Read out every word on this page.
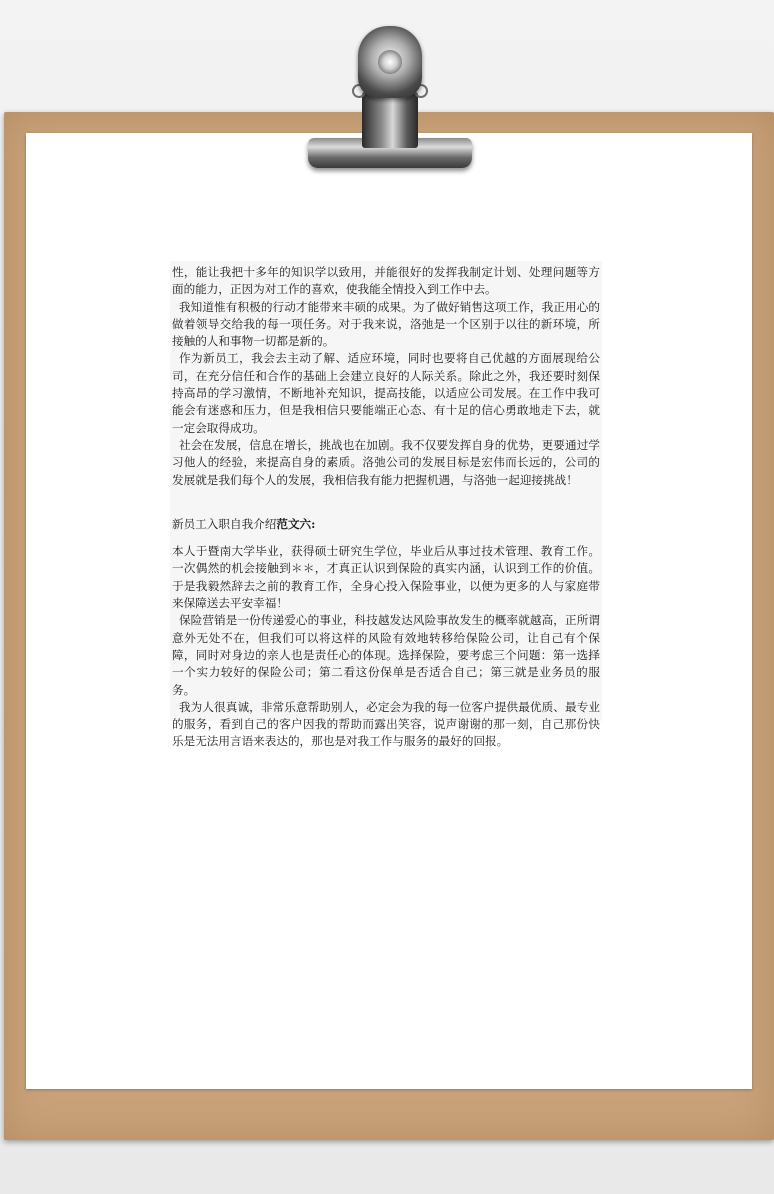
性，能让我把十多年的知识学以致用，并能很好的发挥我制定计划、处理问题等方面的能力，正因为对工作的喜欢，使我能全情投入到工作中去。

我知道惟有积极的行动才能带来丰硕的成果。为了做好销售这项工作，我正用心的做着领导交给我的每一项任务。对于我来说，洛弛是一个区别于以往的新环境，所接触的人和事物一切都是新的。

作为新员工，我会去主动了解、适应环境，同时也要将自己优越的方面展现给公司，在充分信任和合作的基础上会建立良好的人际关系。除此之外，我还要时刻保持高昂的学习激情，不断地补充知识，提高技能，以适应公司发展。在工作中我可能会有迷惑和压力，但是我相信只要能端正心态、有十足的信心勇敢地走下去，就一定会取得成功。

社会在发展，信息在增长，挑战也在加剧。我不仅要发挥自身的优势，更要通过学习他人的经验，来提高自身的素质。洛弛公司的发展目标是宏伟而长远的，公司的发展就是我们每个人的发展，我相信我有能力把握机遇，与洛弛一起迎接挑战！

新员工入职自我介绍范文六:

本人于暨南大学毕业，获得硕士研究生学位，毕业后从事过技术管理、教育工作。一次偶然的机会接触到＊＊，才真正认识到保险的真实内涵，认识到工作的价值。于是我毅然辞去之前的教育工作，全身心投入保险事业，以便为更多的人与家庭带来保障送去平安幸福！

保险营销是一份传递爱心的事业，科技越发达风险事故发生的概率就越高，正所谓意外无处不在，但我们可以将这样的风险有效地转移给保险公司，让自己有个保障，同时对身边的亲人也是责任心的体现。选择保险，要考虑三个问题：第一选择一个实力较好的保险公司；第二看这份保单是否适合自己；第三就是业务员的服务。

我为人很真诚，非常乐意帮助别人，必定会为我的每一位客户提供最优质、最专业的服务，看到自己的客户因我的帮助而露出笑容，说声谢谢的那一刻，自己那份快乐是无法用言语来表达的，那也是对我工作与服务的最好的回报。
